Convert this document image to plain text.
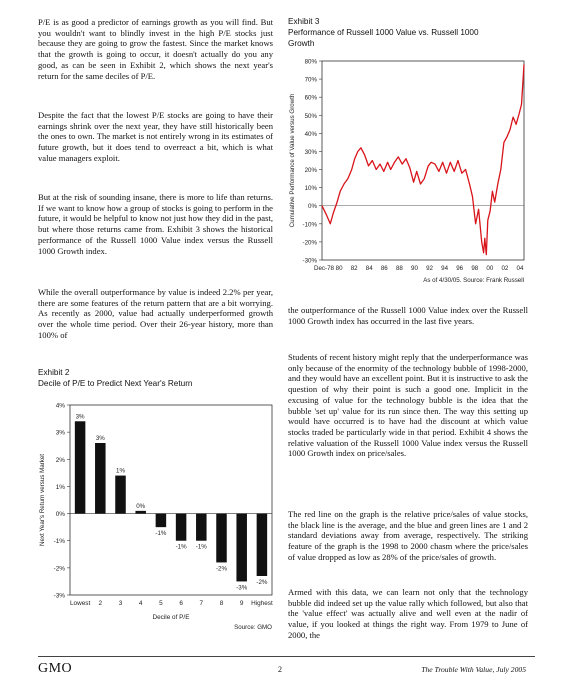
P/E is as good a predictor of earnings growth as you will find. But you wouldn't want to blindly invest in the high P/E stocks just because they are going to grow the fastest. Since the market knows that the growth is going to occur, it doesn't actually do you any good, as can be seen in Exhibit 2, which shows the next year's return for the same deciles of P/E.

Despite the fact that the lowest P/E stocks are going to have their earnings shrink over the next year, they have still historically been the ones to own. The market is not entirely wrong in its estimates of future growth, but it does tend to overreact a bit, which is what value managers exploit.

But at the risk of sounding insane, there is more to life than returns. If we want to know how a group of stocks is going to perform in the future, it would be helpful to know not just how they did in the past, but where those returns came from. Exhibit 3 shows the historical performance of the Russell 1000 Value index versus the Russell 1000 Growth index.

While the overall outperformance by value is indeed 2.2% per year, there are some features of the return pattern that are a bit worrying. As recently as 2000, value had actually underperformed growth over the whole time period. Over their 26-year history, more than 100% of

Exhibit 3
Performance of Russell 1000 Value vs. Russell 1000 Growth
80%
70%
60%
50%
40%
30%
20%
10%
0%
-10%
-20%
-30%
Dec-78 80 82 84 86 88 90 92 94 96 98 00 02 04
Cumulative Performance of Value versus Growth
As of 4/30/05. Source: Frank Russell
Exhibit 2
Decile of P/E to Predict Next Year's Return
4%
3%
2%
1%
0%
-1%
-2%
-3%
3%
Lowest
3%
2
1%
3
0%
4
-1%
5
-1%
6
-1%
7
-2%
8
-3%
9
-2%
Highest
Decile of P/E
Source: GMO
Next Year's Return versus Market

the outperformance of the Russell 1000 Value index over the Russell 1000 Growth index has occurred in the last five years.

Students of recent history might reply that the underperformance was only because of the enormity of the technology bubble of 1998-2000, and they would have an excellent point. But it is instructive to ask the question of why their point is such a good one. Implicit in the excusing of value for the technology bubble is the idea that the bubble 'set up' value for its run since then. The way this setting up would have occurred is to have had the discount at which value stocks traded be particularly wide in that period. Exhibit 4 shows the relative valuation of the Russell 1000 Value index versus the Russell 1000 Growth index on price/sales.

The red line on the graph is the relative price/sales of value stocks, the black line is the average, and the blue and green lines are 1 and 2 standard deviations away from average, respectively. The striking feature of the graph is the 1998 to 2000 chasm where the price/sales of value dropped as low as 28% of the price/sales of growth.

Armed with this data, we can learn not only that the technology bubble did indeed set up the value rally which followed, but also that the 'value effect' was actually alive and well even at the nadir of value, if you looked at things the right way. From 1979 to June of 2000, the

GMO	2	The Trouble With Value, July 2005
